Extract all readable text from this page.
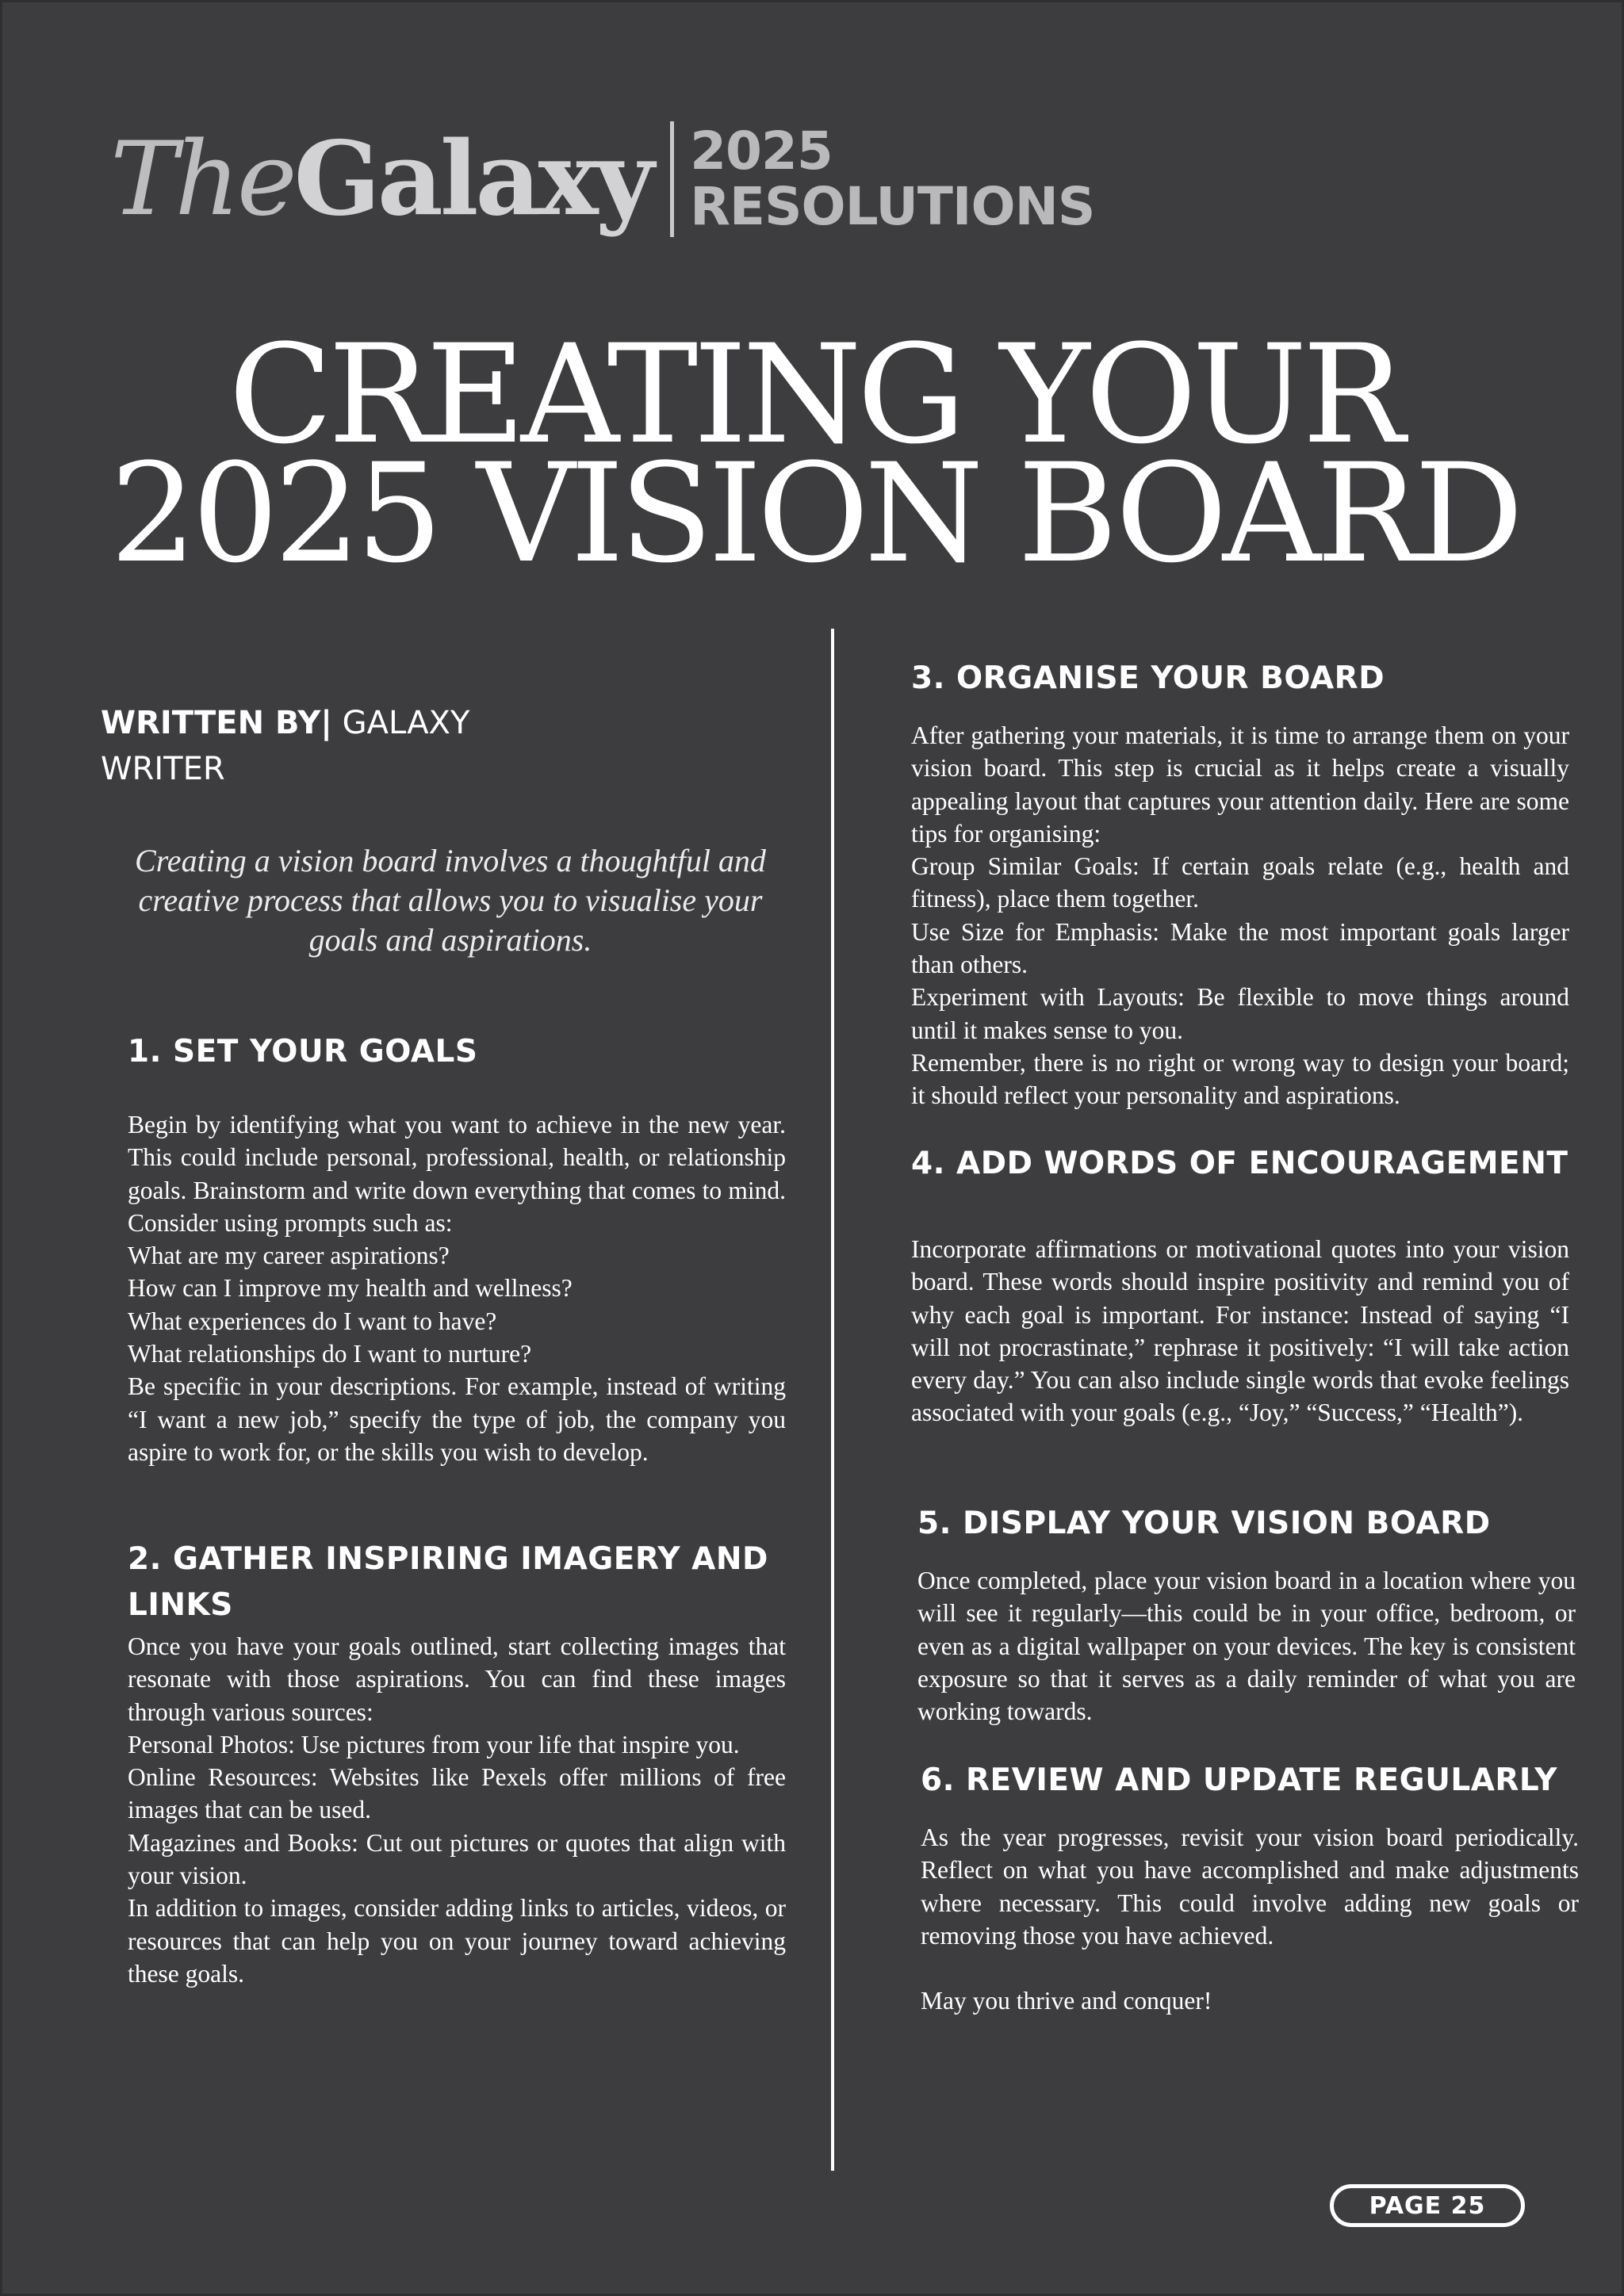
TheGalaxy 2025
RESOLUTIONS
CREATING YOUR
2025 VISION BOARD
WRITTEN BY| GALAXY WRITER
Creating a vision board involves a thoughtful and creative process that allows you to visualise your goals and aspirations.
1. SET YOUR GOALS

Begin by identifying what you want to achieve in the new year. This could include personal, professional, health, or relationship goals. Brainstorm and write down everything that comes to mind. Consider using prompts such as:

What are my career aspirations?

How can I improve my health and wellness?

What experiences do I want to have?

What relationships do I want to nurture?

Be specific in your descriptions. For example, instead of writing “I want a new job,” specify the type of job, the company you aspire to work for, or the skills you wish to develop.

2. GATHER INSPIRING IMAGERY AND LINKS

Once you have your goals outlined, start collecting images that resonate with those aspirations. You can find these images through various sources:

Personal Photos: Use pictures from your life that inspire you.

Online Resources: Websites like Pexels offer millions of free images that can be used.

Magazines and Books: Cut out pictures or quotes that align with your vision.

In addition to images, consider adding links to articles, videos, or resources that can help you on your journey toward achieving these goals.

3. ORGANISE YOUR BOARD

After gathering your materials, it is time to arrange them on your vision board. This step is crucial as it helps create a visually appealing layout that captures your attention daily. Here are some tips for organising:

Group Similar Goals: If certain goals relate (e.g., health and fitness), place them together.

Use Size for Emphasis: Make the most important goals larger than others.

Experiment with Layouts: Be flexible to move things around until it makes sense to you.

Remember, there is no right or wrong way to design your board; it should reflect your personality and aspirations.

4. ADD WORDS OF ENCOURAGEMENT

Incorporate affirmations or motivational quotes into your vision board. These words should inspire positivity and remind you of why each goal is important. For instance: Instead of saying “I will not procrastinate,” rephrase it positively: “I will take action every day.” You can also include single words that evoke feelings associated with your goals (e.g., “Joy,” “Success,” “Health”).

5. DISPLAY YOUR VISION BOARD

Once completed, place your vision board in a location where you will see it regularly—this could be in your office, bedroom, or even as a digital wallpaper on your devices. The key is consistent exposure so that it serves as a daily reminder of what you are working towards.

6. REVIEW AND UPDATE REGULARLY

As the year progresses, revisit your vision board periodically. Reflect on what you have accomplished and make adjustments where necessary. This could involve adding new goals or removing those you have achieved.

May you thrive and conquer!

PAGE 25
